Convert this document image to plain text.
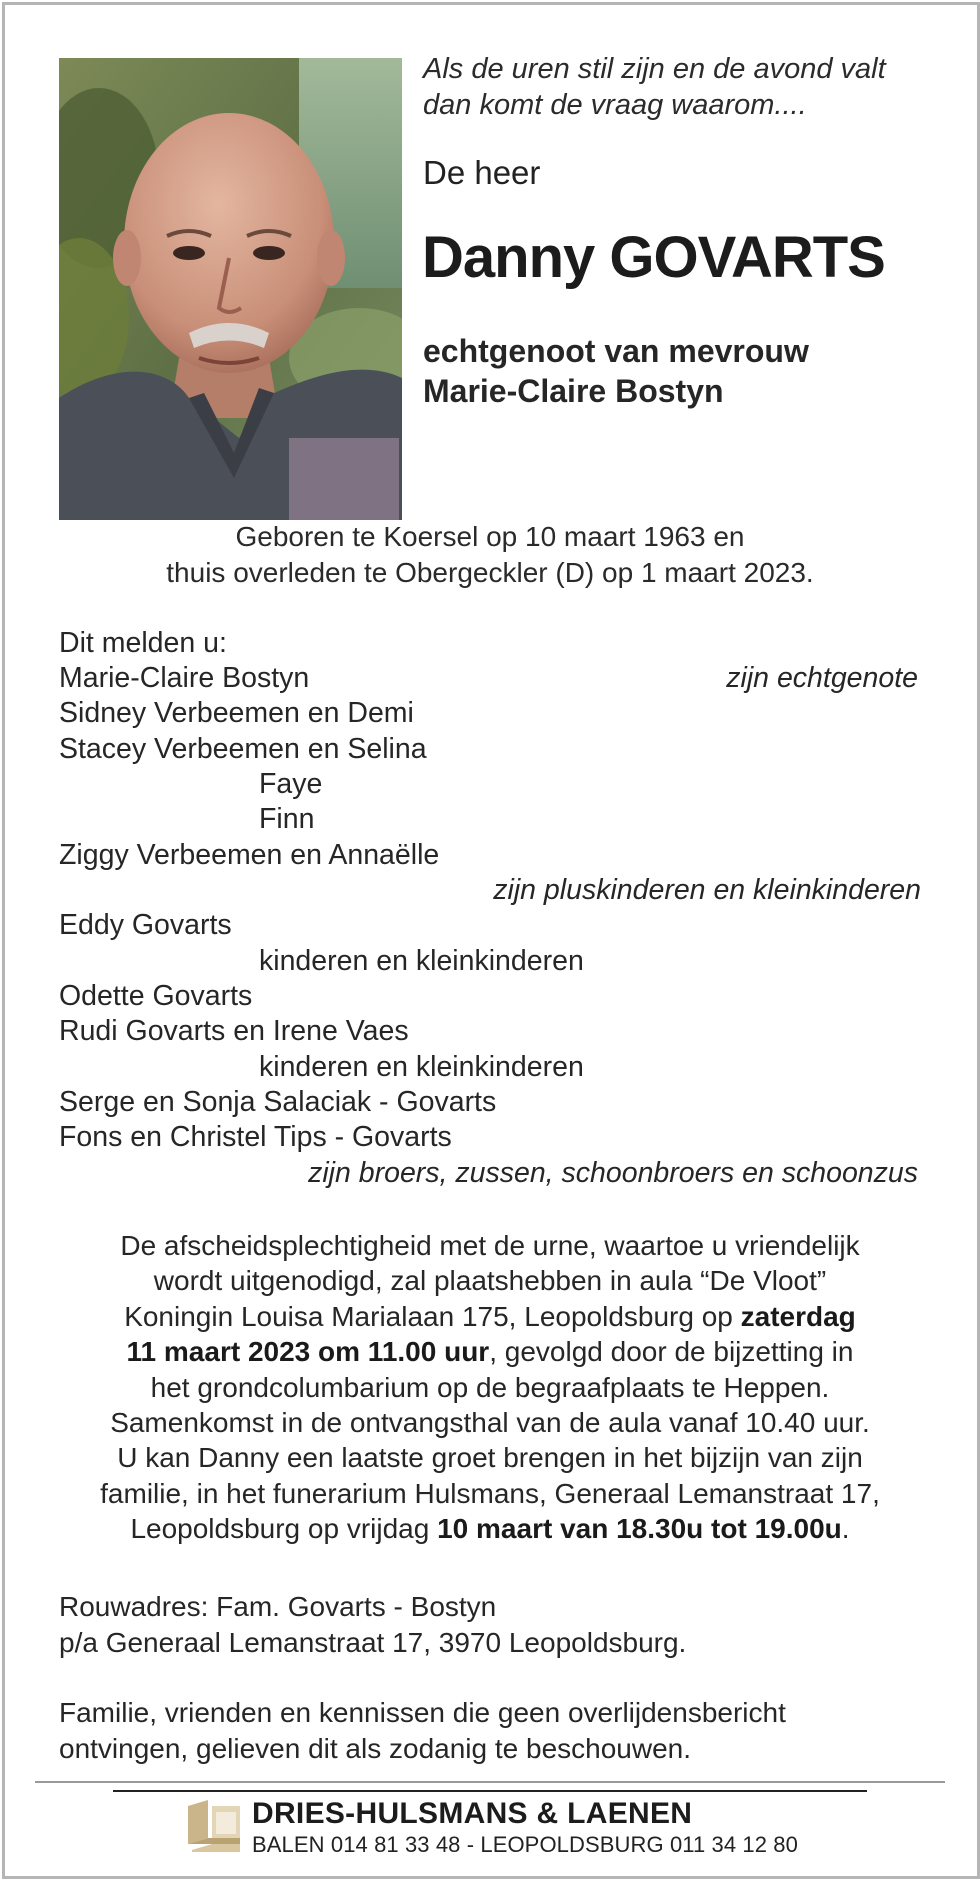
Als de uren stil zijn en de avond valt
dan komt de vraag waarom....
De heer
Danny GOVARTS
echtgenoot van mevrouw
Marie-Claire Bostyn
Geboren te Koersel op 10 maart 1963 en
thuis overleden te Obergeckler (D) op 1 maart 2023.
Dit melden u:
Marie-Claire Bostyn	zijn echtgenote
Sidney Verbeemen en Demi
Stacey Verbeemen en Selina
Faye
Finn
Ziggy Verbeemen en Annaëlle
zijn pluskinderen en kleinkinderen
Eddy Govarts
kinderen en kleinkinderen
Odette Govarts
Rudi Govarts en Irene Vaes
kinderen en kleinkinderen
Serge en Sonja Salaciak - Govarts
Fons en Christel Tips - Govarts
zijn broers, zussen, schoonbroers en schoonzus
De afscheidsplechtigheid met de urne, waartoe u vriendelijk
wordt uitgenodigd, zal plaatshebben in aula “De Vloot”
Koningin Louisa Marialaan 175, Leopoldsburg op zaterdag
11 maart 2023 om 11.00 uur, gevolgd door de bijzetting in
het grondcolumbarium op de begraafplaats te Heppen.
Samenkomst in de ontvangsthal van de aula vanaf 10.40 uur.
U kan Danny een laatste groet brengen in het bijzijn van zijn
familie, in het funerarium Hulsmans, Generaal Lemanstraat 17,
Leopoldsburg op vrijdag 10 maart van 18.30u tot 19.00u.
Rouwadres: Fam. Govarts - Bostyn
p/a Generaal Lemanstraat 17, 3970 Leopoldsburg.
Familie, vrienden en kennissen die geen overlijdensbericht
ontvingen, gelieven dit als zodanig te beschouwen.
DRIES-HULSMANS & LAENEN
BALEN 014 81 33 48 - LEOPOLDSBURG 011 34 12 80
